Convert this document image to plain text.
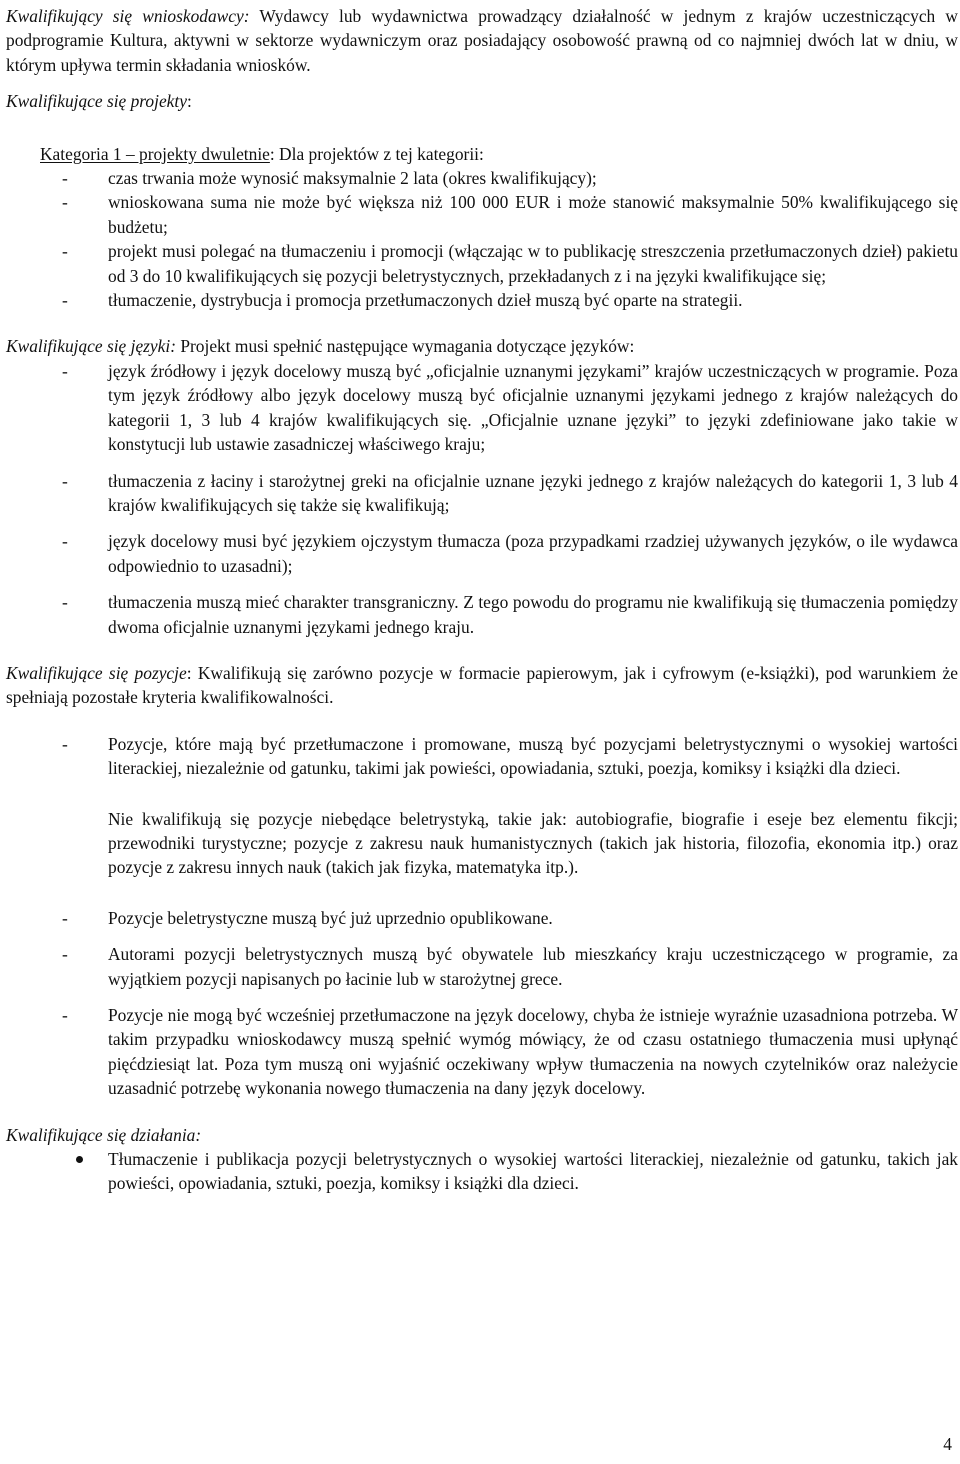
Kwalifikujący się wnioskodawcy: Wydawcy lub wydawnictwa prowadzący działalność w jednym z krajów uczestniczących w podprogramie Kultura, aktywni w sektorze wydawniczym oraz posiadający osobowość prawną od co najmniej dwóch lat w dniu, w którym upływa termin składania wniosków.

Kwalifikujące się projekty:

Kategoria 1 – projekty dwuletnie: Dla projektów z tej kategorii:

- czas trwania może wynosić maksymalnie 2 lata (okres kwalifikujący);
- wnioskowana suma nie może być większa niż 100 000 EUR i może stanowić maksymalnie 50% kwalifikującego się budżetu;
- projekt musi polegać na tłumaczeniu i promocji (włączając w to publikację streszczenia przetłumaczonych dzieł) pakietu od 3 do 10 kwalifikujących się pozycji beletrystycznych, przekładanych z i na języki kwalifikujące się;
- tłumaczenie, dystrybucja i promocja przetłumaczonych dzieł muszą być oparte na strategii.

Kwalifikujące się języki: Projekt musi spełnić następujące wymagania dotyczące języków:

- język źródłowy i język docelowy muszą być „oficjalnie uznanymi językami” krajów uczestniczących w programie. Poza tym język źródłowy albo język docelowy muszą być oficjalnie uznanymi językami jednego z krajów należących do kategorii 1, 3 lub 4 krajów kwalifikujących się. „Oficjalnie uznane języki” to języki zdefiniowane jako takie w konstytucji lub ustawie zasadniczej właściwego kraju;
- tłumaczenia z łaciny i starożytnej greki na oficjalnie uznane języki jednego z krajów należących do kategorii 1, 3 lub 4 krajów kwalifikujących się także się kwalifikują;
- język docelowy musi być językiem ojczystym tłumacza (poza przypadkami rzadziej używanych języków, o ile wydawca odpowiednio to uzasadni);
- tłumaczenia muszą mieć charakter transgraniczny. Z tego powodu do programu nie kwalifikują się tłumaczenia pomiędzy dwoma oficjalnie uznanymi językami jednego kraju.

Kwalifikujące się pozycje: Kwalifikują się zarówno pozycje w formacie papierowym, jak i cyfrowym (e-książki), pod warunkiem że spełniają pozostałe kryteria kwalifikowalności.

- Pozycje, które mają być przetłumaczone i promowane, muszą być pozycjami beletrystycznymi o wysokiej wartości literackiej, niezależnie od gatunku, takimi jak powieści, opowiadania, sztuki, poezja, komiksy i książki dla dzieci.
Nie kwalifikują się pozycje niebędące beletrystyką, takie jak: autobiografie, biografie i eseje bez elementu fikcji; przewodniki turystyczne; pozycje z zakresu nauk humanistycznych (takich jak historia, filozofia, ekonomia itp.) oraz pozycje z zakresu innych nauk (takich jak fizyka, matematyka itp.).
- Pozycje beletrystyczne muszą być już uprzednio opublikowane.
- Autorami pozycji beletrystycznych muszą być obywatele lub mieszkańcy kraju uczestniczącego w programie, za wyjątkiem pozycji napisanych po łacinie lub w starożytnej grece.
- Pozycje nie mogą być wcześniej przetłumaczone na język docelowy, chyba że istnieje wyraźnie uzasadniona potrzeba. W takim przypadku wnioskodawcy muszą spełnić wymóg mówiący, że od czasu ostatniego tłumaczenia musi upłynąć pięćdziesiąt lat. Poza tym muszą oni wyjaśnić oczekiwany wpływ tłumaczenia na nowych czytelników oraz należycie uzasadnić potrzebę wykonania nowego tłumaczenia na dany język docelowy.

Kwalifikujące się działania:

Tłumaczenie i publikacja pozycji beletrystycznych o wysokiej wartości literackiej, niezależnie od gatunku, takich jak powieści, opowiadania, sztuki, poezja, komiksy i książki dla dzieci.
4
